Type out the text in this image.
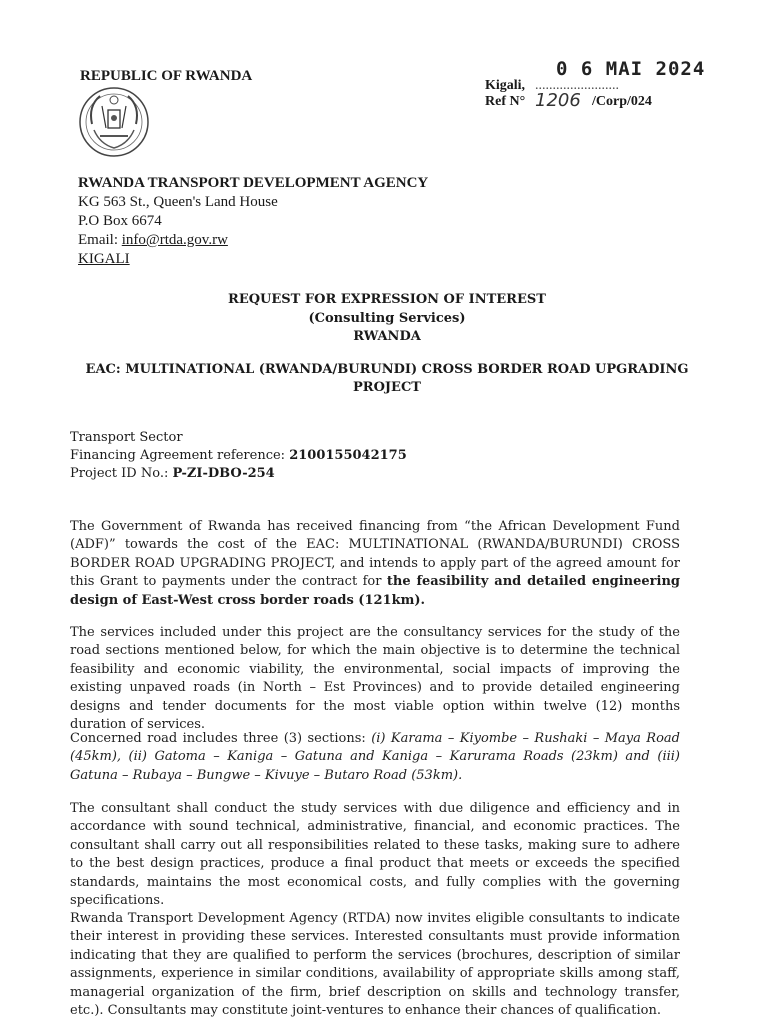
REPUBLIC OF RWANDA
Kigali, ........................
0 6 MAI 2024
Ref N° 1206 /Corp/024
RWANDA TRANSPORT DEVELOPMENT AGENCY
KG 563 St., Queen's Land House
P.O Box 6674
Email: info@rtda.gov.rw
KIGALI
REQUEST FOR EXPRESSION OF INTEREST
(Consulting Services)
RWANDA
EAC: MULTINATIONAL (RWANDA/BURUNDI) CROSS BORDER ROAD UPGRADING
PROJECT
Transport Sector
Financing Agreement reference: 2100155042175
Project ID No.: P-ZI-DBO-254
The Government of Rwanda has received financing from “the African Development Fund (ADF)” towards the cost of the EAC: MULTINATIONAL (RWANDA/BURUNDI) CROSS BORDER ROAD UPGRADING PROJECT, and intends to apply part of the agreed amount for this Grant to payments under the contract for the feasibility and detailed engineering design of East-West cross border roads (121km).
The services included under this project are the consultancy services for the study of the road sections mentioned below, for which the main objective is to determine the technical feasibility and economic viability, the environmental, social impacts of improving the existing unpaved roads (in North – Est Provinces) and to provide detailed engineering designs and tender documents for the most viable option within twelve (12) months duration of services.
Concerned road includes three (3) sections: (i) Karama – Kiyombe – Rushaki – Maya Road (45km), (ii) Gatoma – Kaniga – Gatuna and Kaniga – Karurama Roads (23km) and (iii) Gatuna – Rubaya – Bungwe – Kivuye – Butaro Road (53km).
The consultant shall conduct the study services with due diligence and efficiency and in accordance with sound technical, administrative, financial, and economic practices. The consultant shall carry out all responsibilities related to these tasks, making sure to adhere to the best design practices, produce a final product that meets or exceeds the specified standards, maintains the most economical costs, and fully complies with the governing specifications.
Rwanda Transport Development Agency (RTDA) now invites eligible consultants to indicate their interest in providing these services. Interested consultants must provide information indicating that they are qualified to perform the services (brochures, description of similar assignments, experience in similar conditions, availability of appropriate skills among staff, managerial organization of the firm, brief description on skills and technology transfer, etc.). Consultants may constitute joint-ventures to enhance their chances of qualification.
